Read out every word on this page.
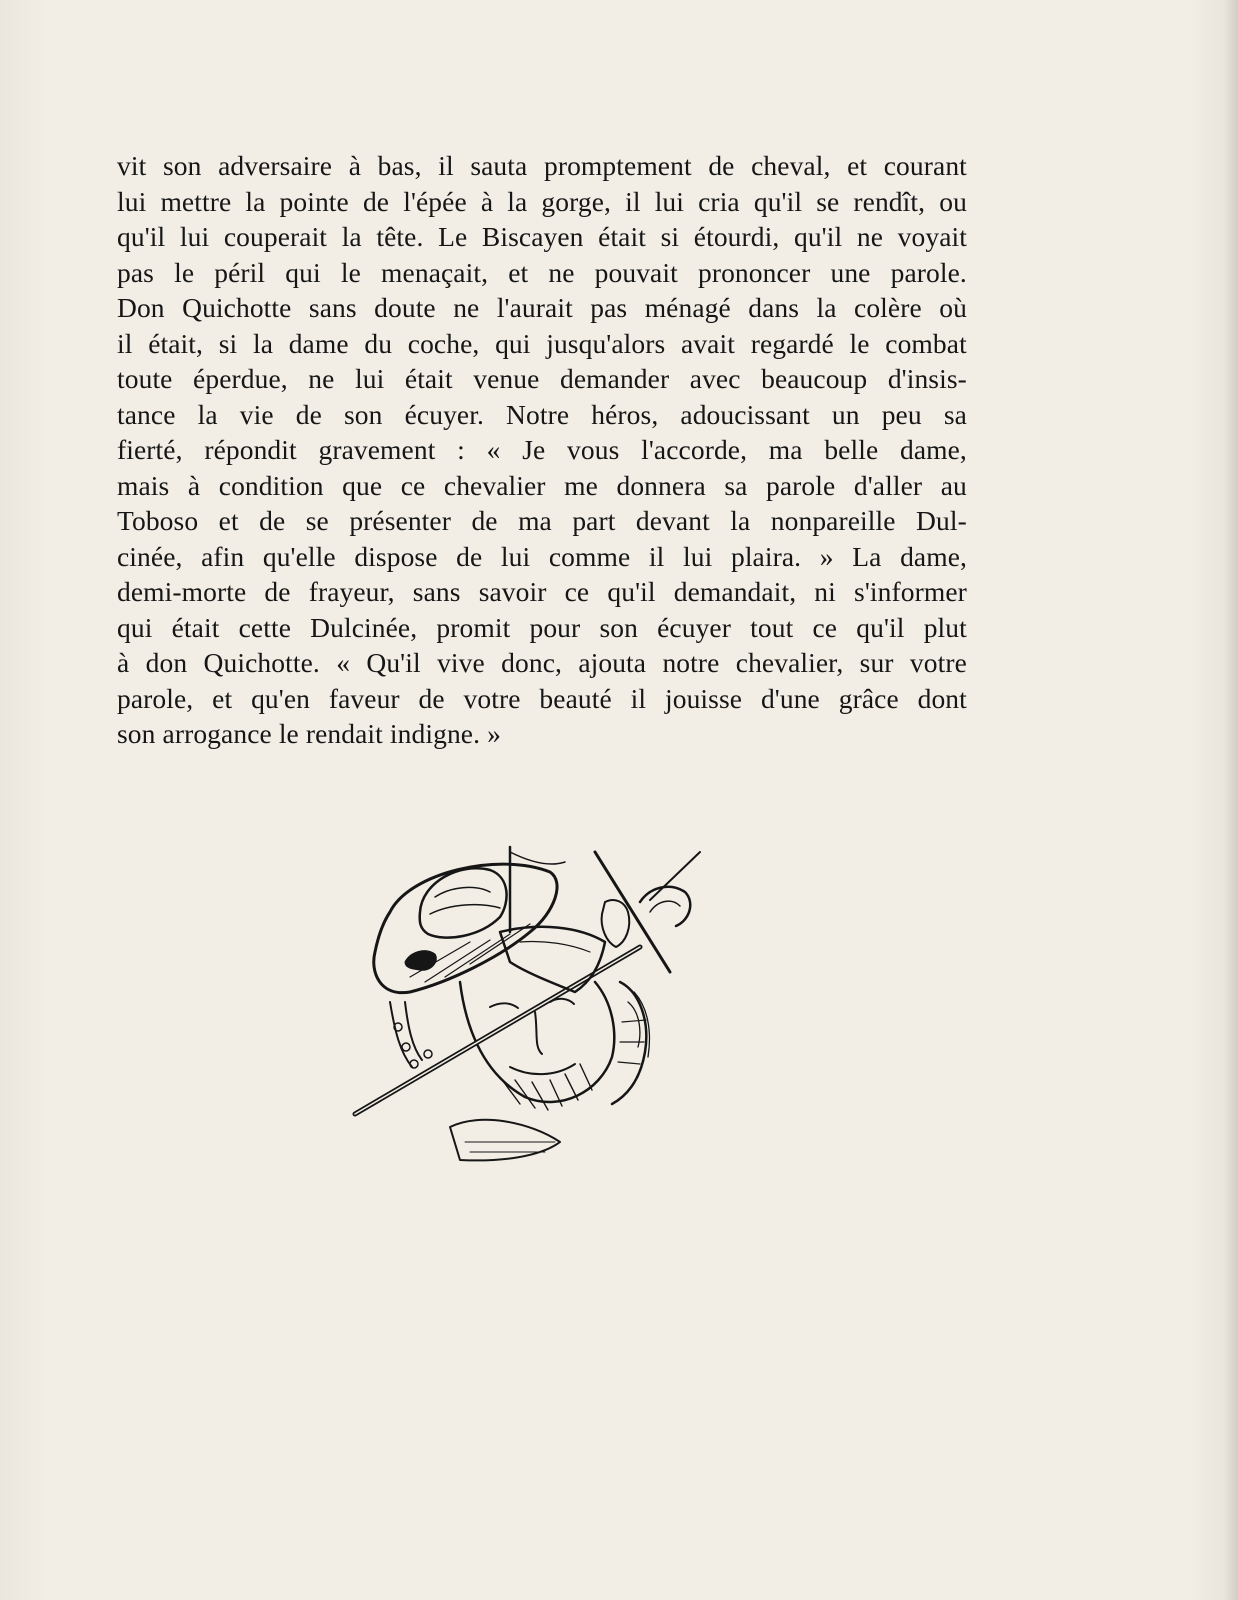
vit son adversaire à bas, il sauta promptement de cheval, et courant
lui mettre la pointe de l'épée à la gorge, il lui cria qu'il se rendît, ou
qu'il lui couperait la tête. Le Biscayen était si étourdi, qu'il ne voyait
pas le péril qui le menaçait, et ne pouvait prononcer une parole.
Don Quichotte sans doute ne l'aurait pas ménagé dans la colère où
il était, si la dame du coche, qui jusqu'alors avait regardé le combat
toute éperdue, ne lui était venue demander avec beaucoup d'insis-
tance la vie de son écuyer. Notre héros, adoucissant un peu sa
fierté, répondit gravement : « Je vous l'accorde, ma belle dame,
mais à condition que ce chevalier me donnera sa parole d'aller au
Toboso et de se présenter de ma part devant la nonpareille Dul-
cinée, afin qu'elle dispose de lui comme il lui plaira. » La dame,
demi-morte de frayeur, sans savoir ce qu'il demandait, ni s'informer
qui était cette Dulcinée, promit pour son écuyer tout ce qu'il plut
à don Quichotte. « Qu'il vive donc, ajouta notre chevalier, sur votre
parole, et qu'en faveur de votre beauté il jouisse d'une grâce dont
son arrogance le rendait indigne. »
